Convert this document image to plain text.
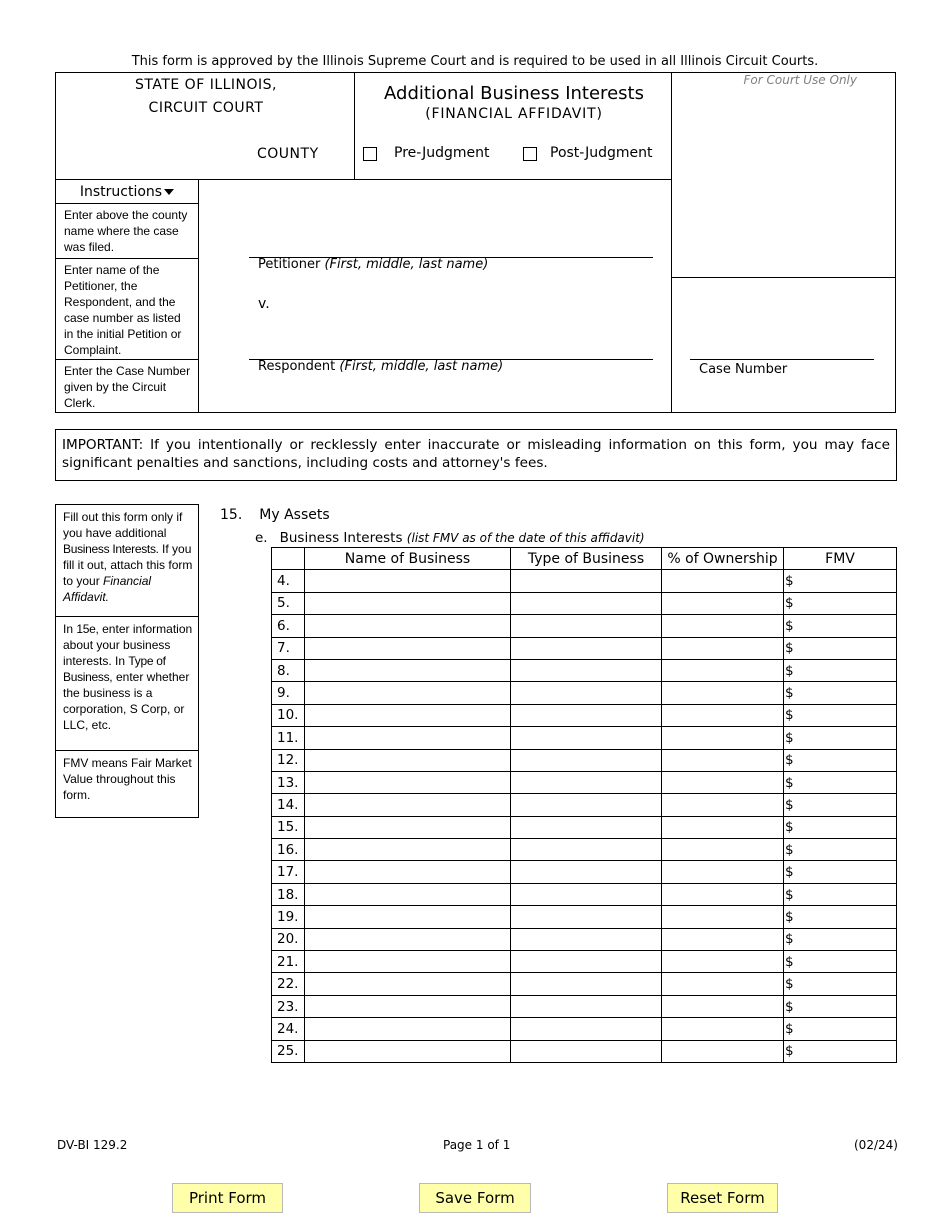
This form is approved by the Illinois Supreme Court and is required to be used in all Illinois Circuit Courts.
STATE OF ILLINOIS,
CIRCUIT COURT
COUNTY
Additional Business Interests
(FINANCIAL AFFIDAVIT)
Pre-Judgment	Post-Judgment
For Court Use Only
Case Number
Instructions
Enter above the county name where the case was filed.
Enter name of the Petitioner, the Respondent, and the case number as listed in the initial Petition or Complaint.
Enter the Case Number given by the Circuit Clerk.
Petitioner (First, middle, last name)
v.
Respondent (First, middle, last name)
IMPORTANT: If you intentionally or recklessly enter inaccurate or misleading information on this form, you may face significant penalties and sanctions, including costs and attorney's fees.
Fill out this form only if you have additional Business Interests. If you fill it out, attach this form to your Financial Affidavit.
In 15e, enter information about your business interests. In Type of Business, enter whether the business is a corporation, S Corp, or LLC, etc.
FMV means Fair Market Value throughout this form.
15. My Assets
e. Business Interests (list FMV as of the date of this affidavit)
	Name of Business	Type of Business	% of Ownership	FMV
4.				$
5.				$
6.				$
7.				$
8.				$
9.				$
10.				$
11.				$
12.				$
13.				$
14.				$
15.				$
16.				$
17.				$
18.				$
19.				$
20.				$
21.				$
22.				$
23.				$
24.				$
25.				$
DV-BI 129.2	Page 1 of 1	(02/24)
Print Form	Save Form	Reset Form
